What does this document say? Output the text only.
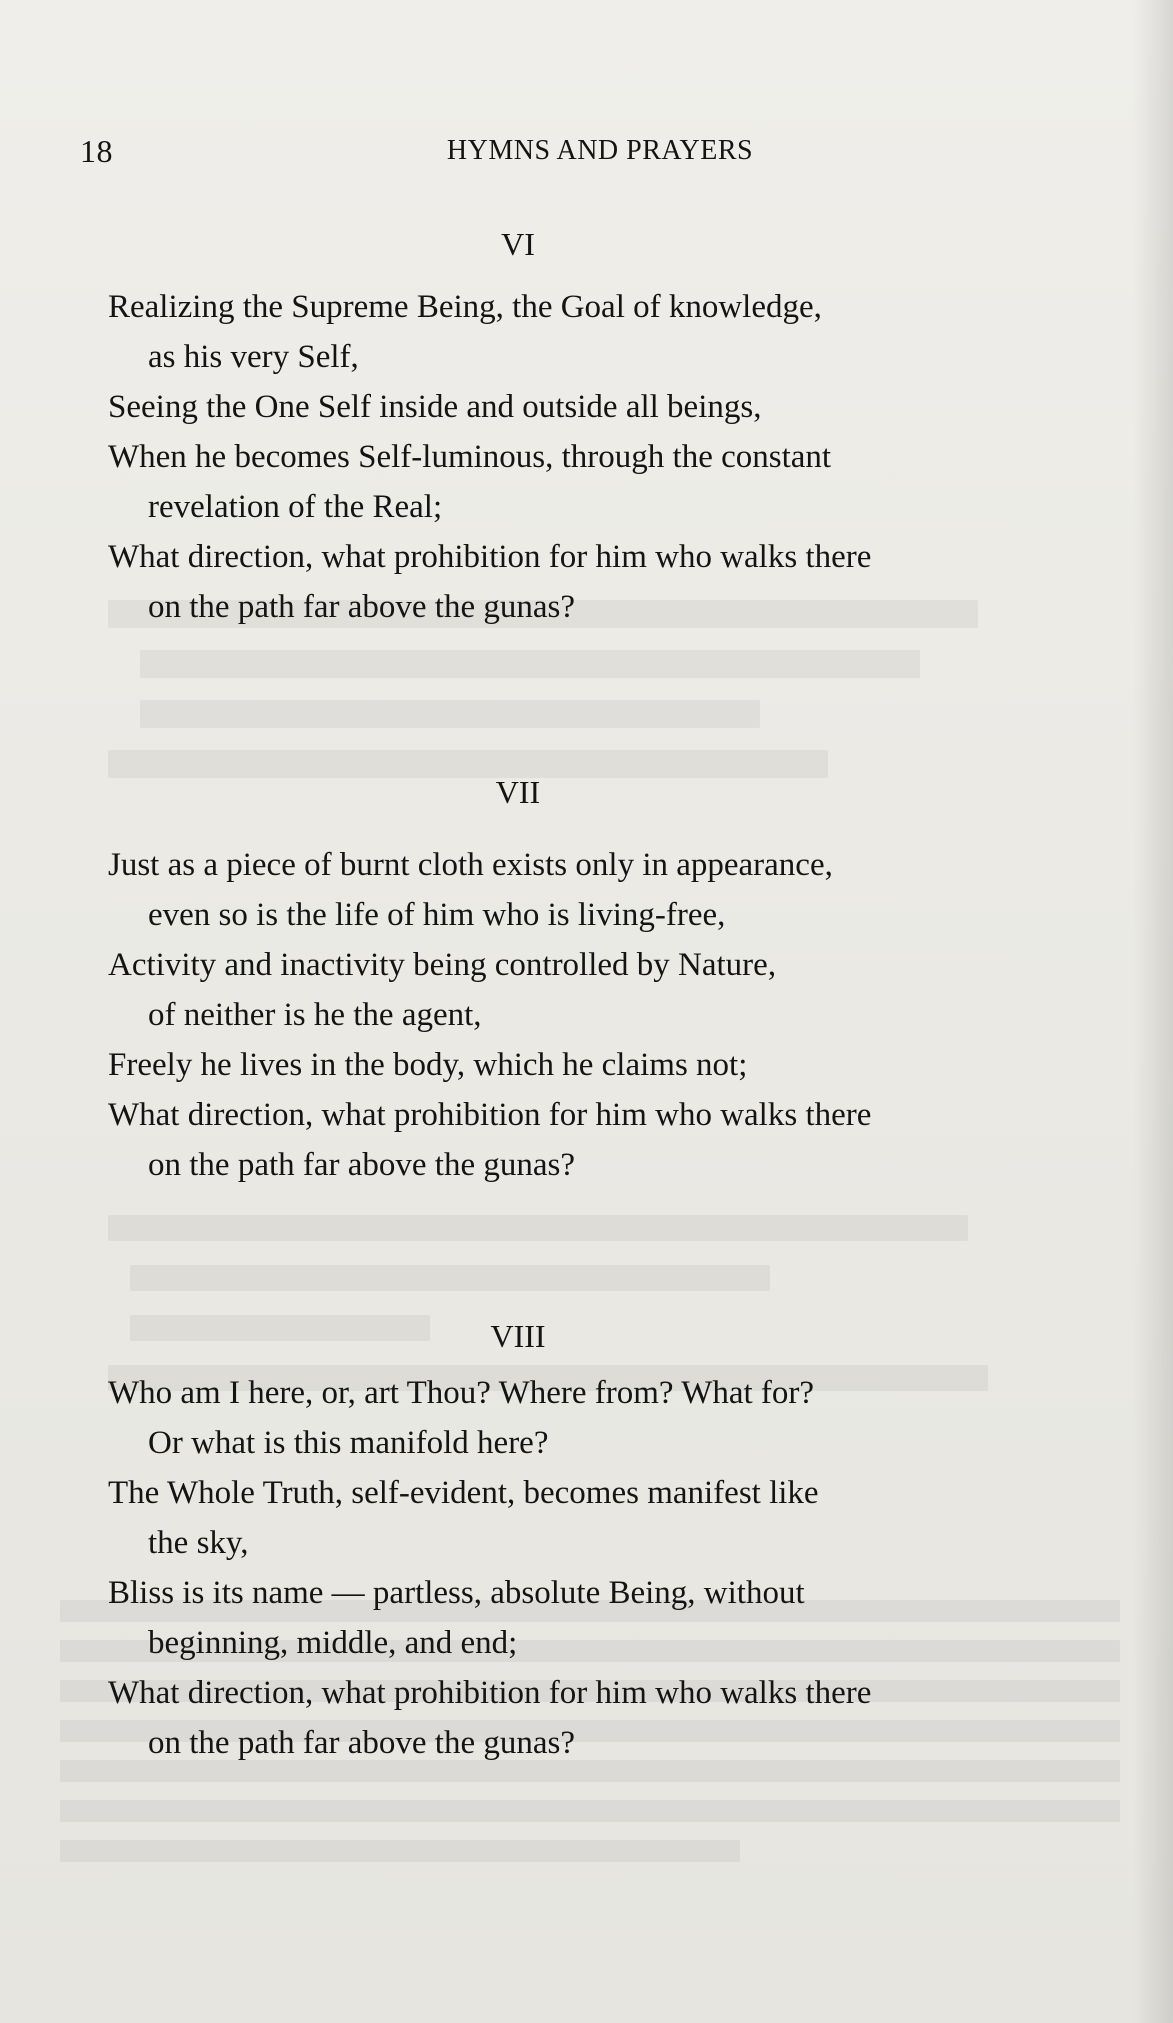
18	HYMNS AND PRAYERS
VI

Realizing the Supreme Being, the Goal of knowledge,

as his very Self,

Seeing the One Self inside and outside all beings,

When he becomes Self-luminous, through the constant

revelation of the Real;

What direction, what prohibition for him who walks there

on the path far above the gunas?

VII

Just as a piece of burnt cloth exists only in appearance,

even so is the life of him who is living-free,

Activity and inactivity being controlled by Nature,

of neither is he the agent,

Freely he lives in the body, which he claims not;

What direction, what prohibition for him who walks there

on the path far above the gunas?

VIII

Who am I here, or, art Thou? Where from? What for?

Or what is this manifold here?

The Whole Truth, self-evident, becomes manifest like

the sky,

Bliss is its name — partless, absolute Being, without

beginning, middle, and end;

What direction, what prohibition for him who walks there

on the path far above the gunas?
